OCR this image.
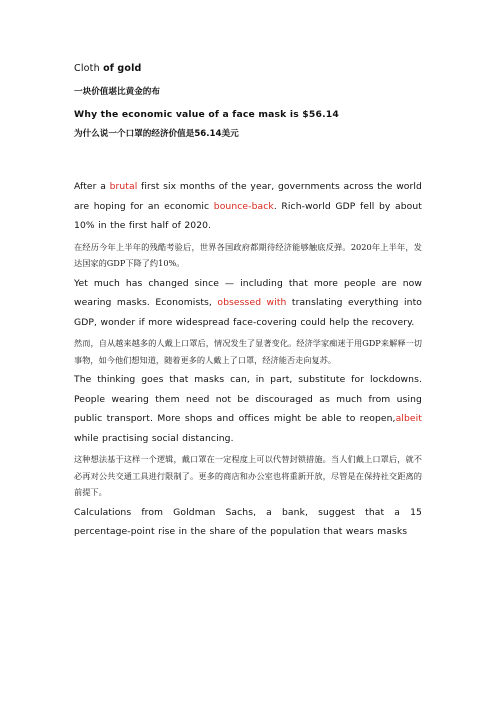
Cloth of gold
一块价值堪比黄金的布
Why the economic value of a face mask is $56.14
为什么说一个口罩的经济价值是56.14美元

After a brutal first six months of the year, governments across the world are hoping for an economic bounce-back. Rich-world GDP fell by about 10% in the first half of 2020.

在经历今年上半年的残酷考验后，世界各国政府都期待经济能够触底反弹。2020年上半年，发达国家的GDP下降了约10%。

Yet much has changed since — including that more people are now wearing masks. Economists, obsessed with translating everything into GDP, wonder if more widespread face-covering could help the recovery.

然而，自从越来越多的人戴上口罩后，情况发生了显著变化。经济学家痴迷于用GDP来解释一切事物，如今他们想知道，随着更多的人戴上了口罩，经济能否走向复苏。

The thinking goes that masks can, in part, substitute for lockdowns. People wearing them need not be discouraged as much from using public transport. More shops and offices might be able to reopen,albeit while practising social distancing.

这种想法基于这样一个逻辑，戴口罩在一定程度上可以代替封锁措施。当人们戴上口罩后，就不必再对公共交通工具进行限制了。更多的商店和办公室也将重新开放，尽管是在保持社交距离的前提下。

Calculations from Goldman Sachs, a bank, suggest that a 15 percentage-point rise in the share of the population that wears masks
